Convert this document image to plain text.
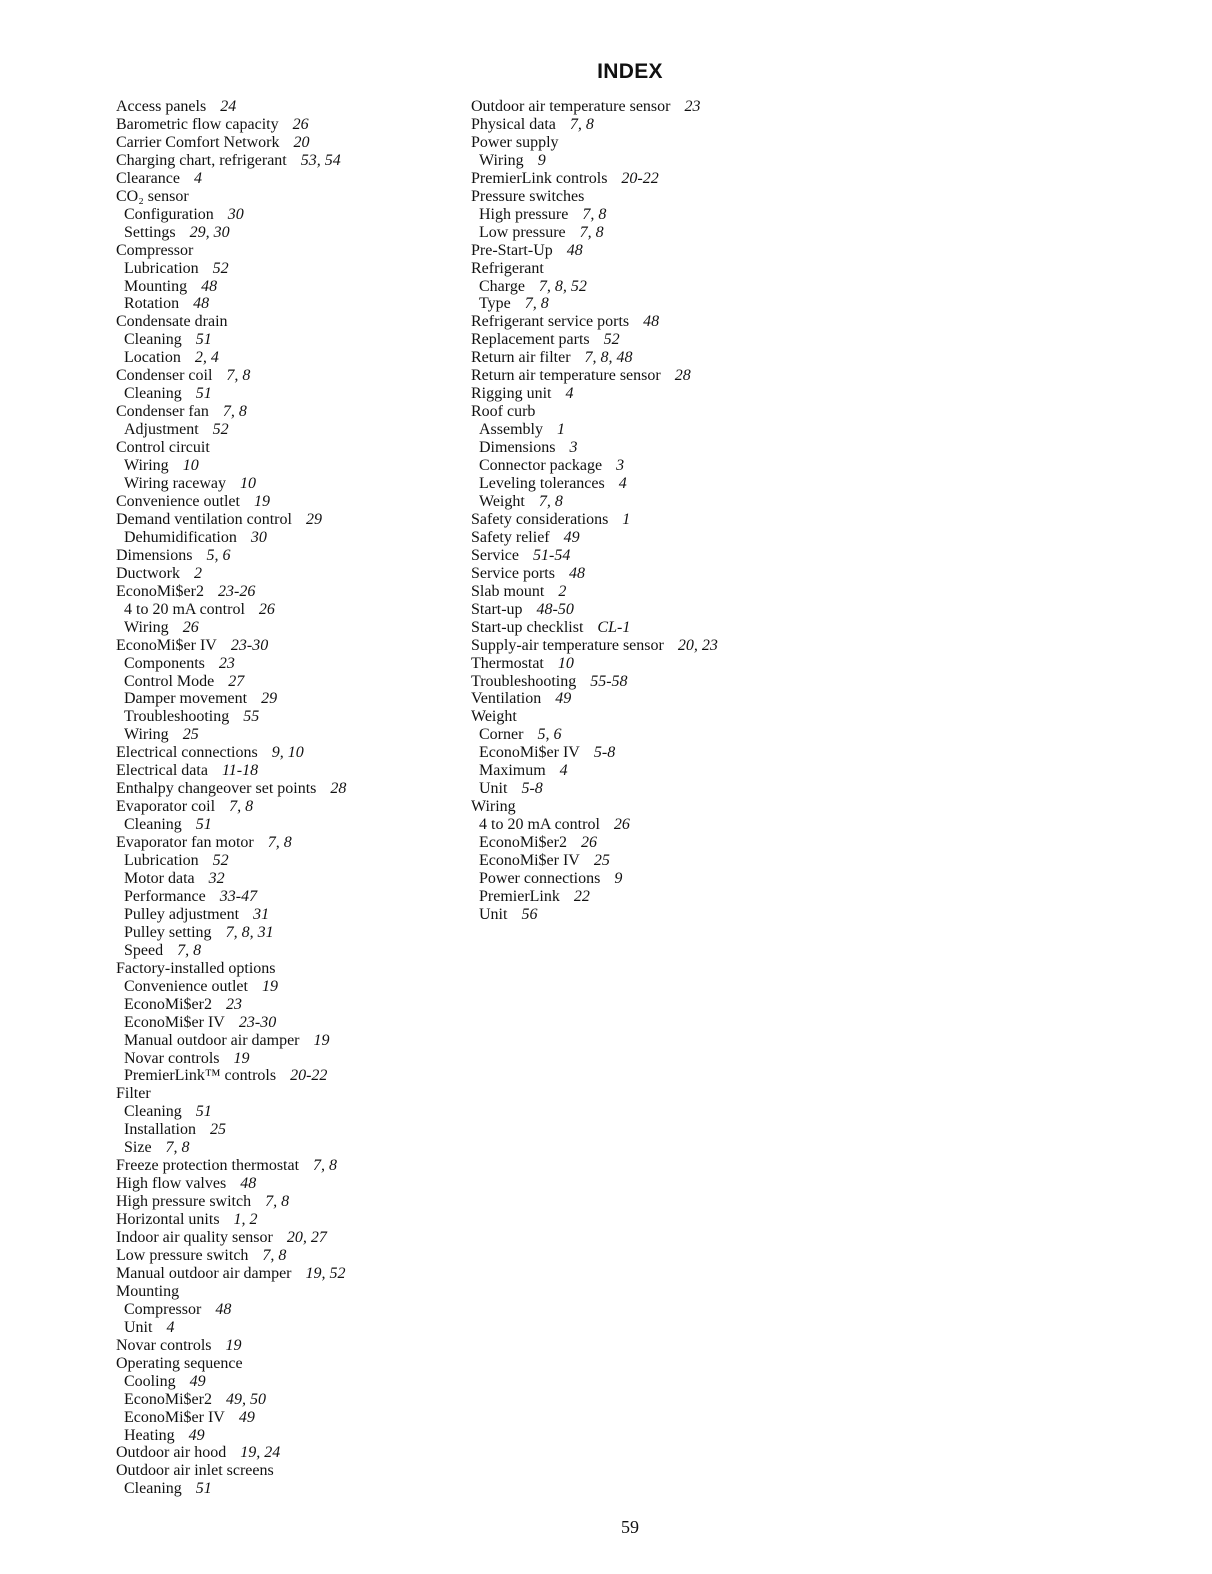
INDEX
Access panels 24
Barometric flow capacity 26
Carrier Comfort Network 20
Charging chart, refrigerant 53, 54
Clearance 4
CO₂ sensor
Configuration 30
Settings 29, 30
Compressor
Lubrication 52
Mounting 48
Rotation 48
Condensate drain
Cleaning 51
Location 2, 4
Condenser coil 7, 8
Cleaning 51
Condenser fan 7, 8
Adjustment 52
Control circuit
Wiring 10
Wiring raceway 10
Convenience outlet 19
Demand ventilation control 29
Dehumidification 30
Dimensions 5, 6
Ductwork 2
EconoMi$er2 23-26
4 to 20 mA control 26
Wiring 26
EconoMi$er IV 23-30
Components 23
Control Mode 27
Damper movement 29
Troubleshooting 55
Wiring 25
Electrical connections 9, 10
Electrical data 11-18
Enthalpy changeover set points 28
Evaporator coil 7, 8
Cleaning 51
Evaporator fan motor 7, 8
Lubrication 52
Motor data 32
Performance 33-47
Pulley adjustment 31
Pulley setting 7, 8, 31
Speed 7, 8
Factory-installed options
Convenience outlet 19
EconoMi$er2 23
EconoMi$er IV 23-30
Manual outdoor air damper 19
Novar controls 19
PremierLink™ controls 20-22
Filter
Cleaning 51
Installation 25
Size 7, 8
Freeze protection thermostat 7, 8
High flow valves 48
High pressure switch 7, 8
Horizontal units 1, 2
Indoor air quality sensor 20, 27
Low pressure switch 7, 8
Manual outdoor air damper 19, 52
Mounting
Compressor 48
Unit 4
Novar controls 19
Operating sequence
Cooling 49
EconoMi$er2 49, 50
EconoMi$er IV 49
Heating 49
Outdoor air hood 19, 24
Outdoor air inlet screens
Cleaning 51
Outdoor air temperature sensor 23
Physical data 7, 8
Power supply
Wiring 9
PremierLink controls 20-22
Pressure switches
High pressure 7, 8
Low pressure 7, 8
Pre-Start-Up 48
Refrigerant
Charge 7, 8, 52
Type 7, 8
Refrigerant service ports 48
Replacement parts 52
Return air filter 7, 8, 48
Return air temperature sensor 28
Rigging unit 4
Roof curb
Assembly 1
Dimensions 3
Connector package 3
Leveling tolerances 4
Weight 7, 8
Safety considerations 1
Safety relief 49
Service 51-54
Service ports 48
Slab mount 2
Start-up 48-50
Start-up checklist CL-1
Supply-air temperature sensor 20, 23
Thermostat 10
Troubleshooting 55-58
Ventilation 49
Weight
Corner 5, 6
EconoMi$er IV 5-8
Maximum 4
Unit 5-8
Wiring
4 to 20 mA control 26
EconoMi$er2 26
EconoMi$er IV 25
Power connections 9
PremierLink 22
Unit 56
59
